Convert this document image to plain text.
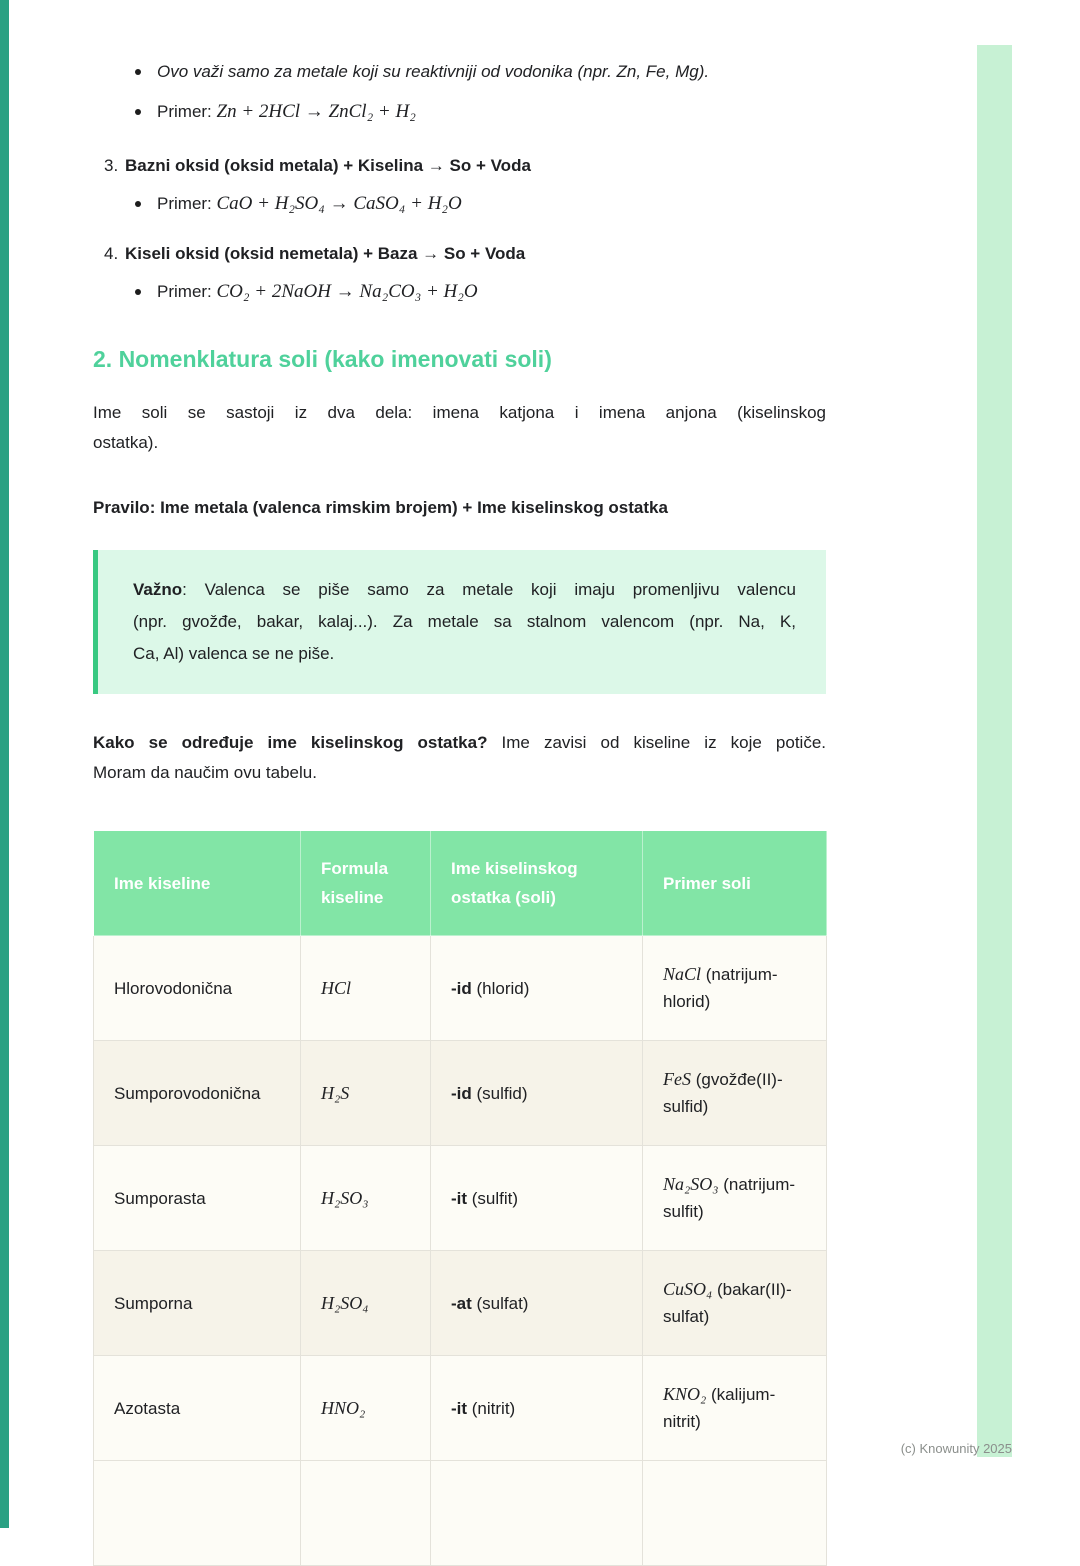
Ovo važi samo za metale koji su reaktivniji od vodonika (npr. Zn, Fe, Mg).
Primer: Zn + 2HCl → ZnCl₂ + H₂
3. Bazni oksid (oksid metala) + Kiselina → So + Voda
Primer: CaO + H₂SO₄ → CaSO₄ + H₂O
4. Kiseli oksid (oksid nemetala) + Baza → So + Voda
Primer: CO₂ + 2NaOH → Na₂CO₃ + H₂O
2. Nomenklatura soli (kako imenovati soli)
Ime soli se sastoji iz dva dela: imena katjona i imena anjona (kiselinskog
ostatka).
Pravilo: Ime metala (valenca rimskim brojem) + Ime kiselinskog ostatka
Važno: Valenca se piše samo za metale koji imaju promenljivu valencu
(npr. gvožđe, bakar, kalaj...). Za metale sa stalnom valencom (npr. Na, K,
Ca, Al) valenca se ne piše.
Kako se određuje ime kiselinskog ostatka? Ime zavisi od kiseline iz koje potiče.
Moram da naučim ovu tabelu.
Ime kiseline	Formula kiseline	Ime kiselinskog ostatka (soli)	Primer soli
Hlorovodonična	HCl	-id (hlorid)	NaCl (natrijum-hlorid)
Sumporovodonična	H₂S	-id (sulfid)	FeS (gvožđe(II)-sulfid)
Sumporasta	H₂SO₃	-it (sulfit)	Na₂SO₃ (natrijum-sulfit)
Sumporna	H₂SO₄	-at (sulfat)	CuSO₄ (bakar(II)-sulfat)
Azotasta	HNO₂	-it (nitrit)	KNO₂ (kalijum-nitrit)

(c) Knowunity 2025
